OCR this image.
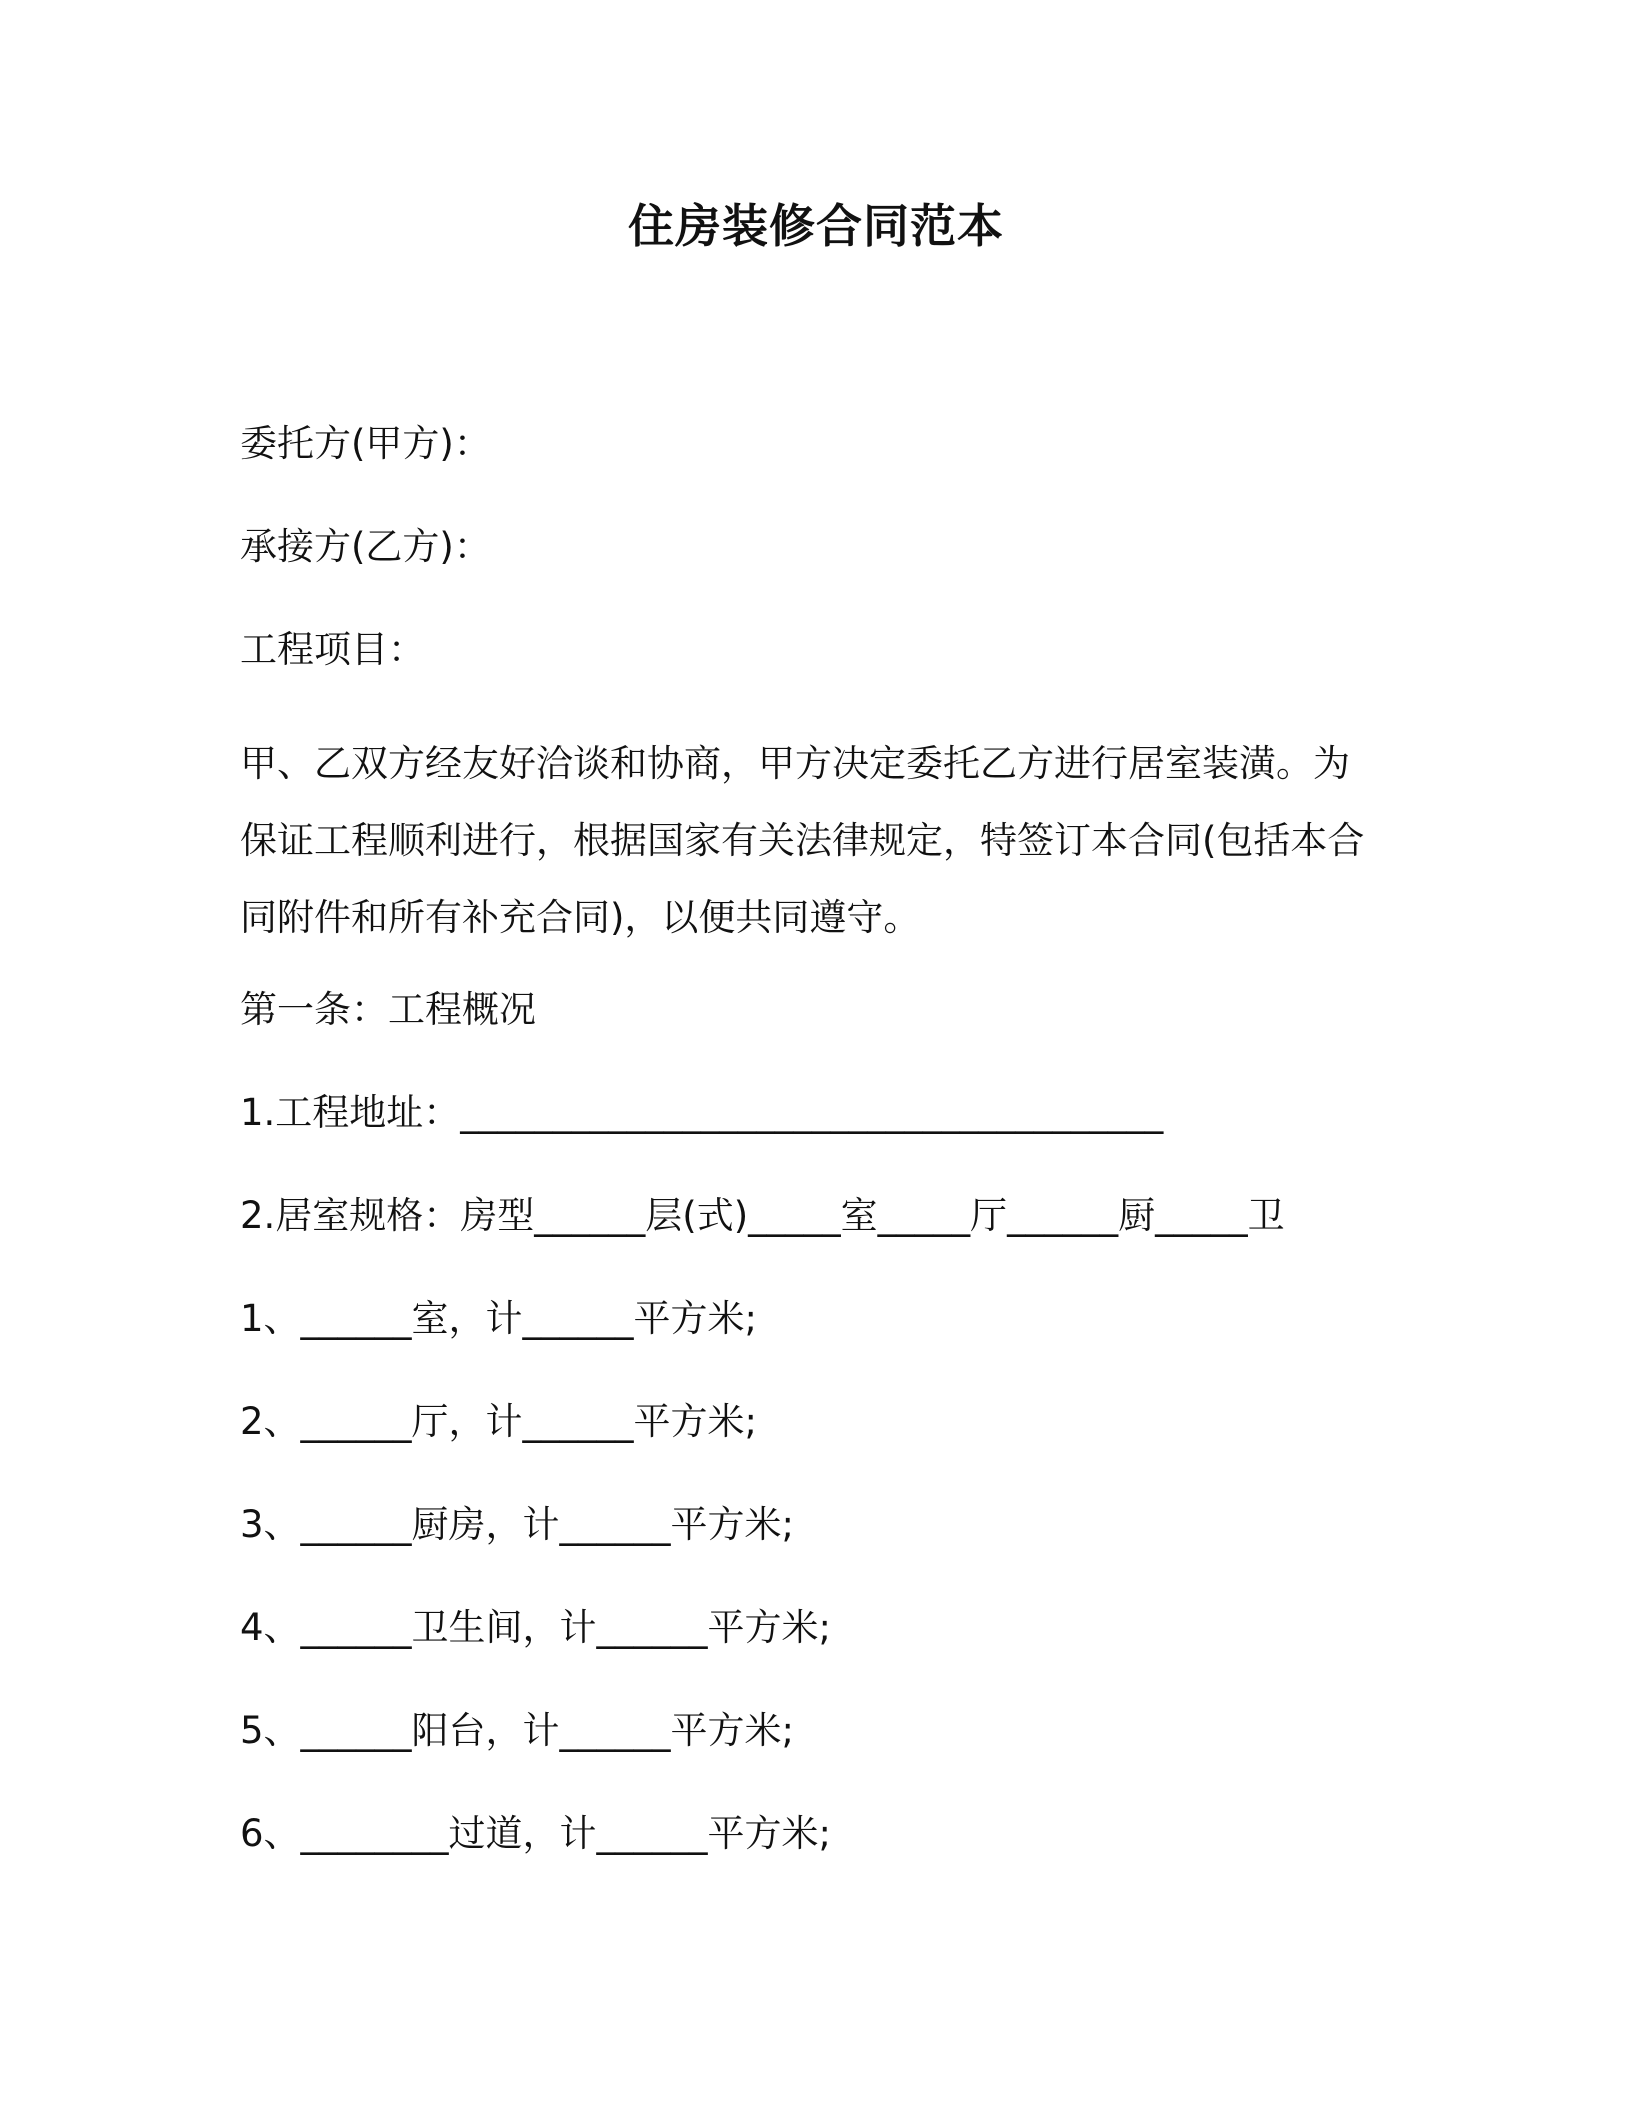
住房装修合同范本
委托方(甲方)：
承接方(乙方)：
工程项目：
甲、乙双方经友好洽谈和协商，甲方决定委托乙方进行居室装潢。为
保证工程顺利进行，根据国家有关法律规定，特签订本合同(包括本合
同附件和所有补充合同)，以便共同遵守。
第一条：工程概况
1.工程地址：______________________________________
2.居室规格：房型______层(式)_____室_____厅______厨_____卫
1、______室，计______平方米;
2、______厅，计______平方米;
3、______厨房，计______平方米;
4、______卫生间，计______平方米;
5、______阳台，计______平方米;
6、________过道，计______平方米;
